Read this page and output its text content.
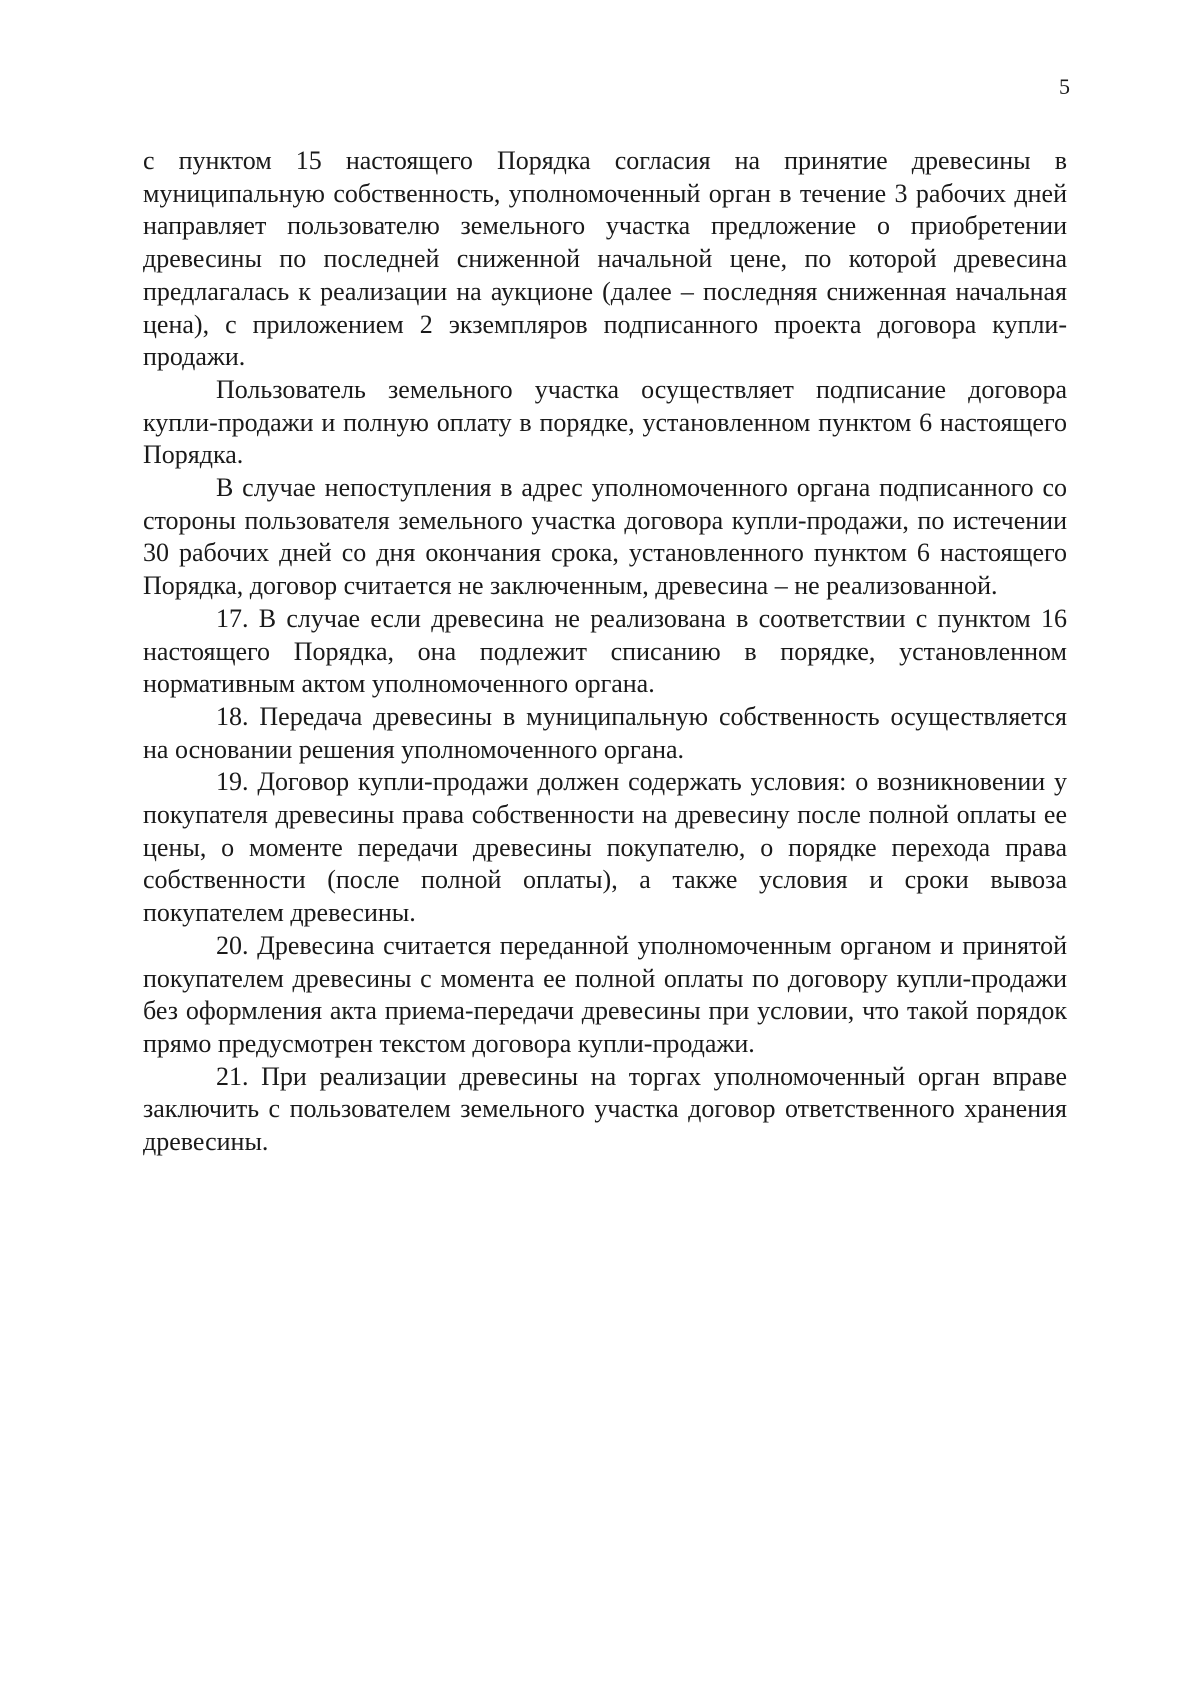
5

с пунктом 15 настоящего Порядка согласия на принятие древесины в муниципальную собственность, уполномоченный орган в течение 3 рабочих дней направляет пользователю земельного участка предложение о приобретении древесины по последней сниженной начальной цене, по которой древесина предлагалась к реализации на аукционе (далее – последняя сниженная начальная цена), с приложением 2 экземпляров подписанного проекта договора купли-продажи.

Пользователь земельного участка осуществляет подписание договора купли-продажи и полную оплату в порядке, установленном пунктом 6 настоящего Порядка.

В случае непоступления в адрес уполномоченного органа подписанного со стороны пользователя земельного участка договора купли-продажи, по истечении 30 рабочих дней со дня окончания срока, установленного пунктом 6 настоящего Порядка, договор считается не заключенным, древесина – не реализованной.

17. В случае если древесина не реализована в соответствии с пунктом 16 настоящего Порядка, она подлежит списанию в порядке, установленном нормативным актом уполномоченного органа.

18. Передача древесины в муниципальную собственность осуществляется на основании решения уполномоченного органа.

19. Договор купли-продажи должен содержать условия: о возникновении у покупателя древесины права собственности на древесину после полной оплаты ее цены, о моменте передачи древесины покупателю, о порядке перехода права собственности (после полной оплаты), а также условия и сроки вывоза покупателем древесины.

20. Древесина считается переданной уполномоченным органом и принятой покупателем древесины с момента ее полной оплаты по договору купли-продажи без оформления акта приема-передачи древесины при условии, что такой порядок прямо предусмотрен текстом договора купли-продажи.

21. При реализации древесины на торгах уполномоченный орган вправе заключить с пользователем земельного участка договор ответственного хранения древесины.
